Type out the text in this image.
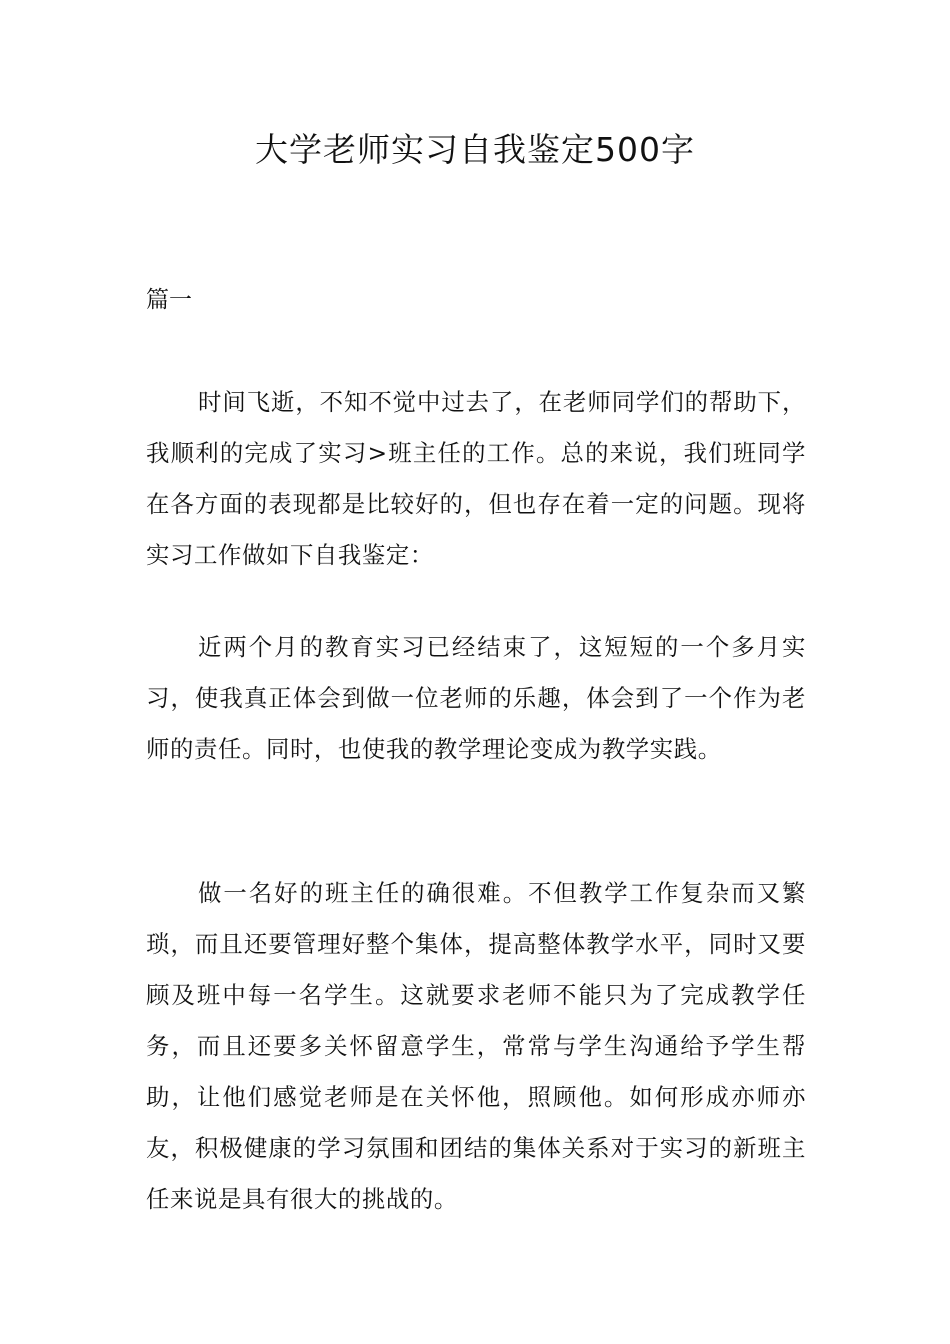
大学老师实习自我鉴定500字
篇一

时间飞逝，不知不觉中过去了，在老师同学们的帮助下，我顺利的完成了实习>班主任的工作。总的来说，我们班同学在各方面的表现都是比较好的，但也存在着一定的问题。现将实习工作做如下自我鉴定：

近两个月的教育实习已经结束了，这短短的一个多月实习，使我真正体会到做一位老师的乐趣，体会到了一个作为老师的责任。同时，也使我的教学理论变成为教学实践。

做一名好的班主任的确很难。不但教学工作复杂而又繁琐，而且还要管理好整个集体，提高整体教学水平，同时又要顾及班中每一名学生。这就要求老师不能只为了完成教学任务，而且还要多关怀留意学生，常常与学生沟通给予学生帮助，让他们感觉老师是在关怀他，照顾他。如何形成亦师亦友，积极健康的学习氛围和团结的集体关系对于实习的新班主任来说是具有很大的挑战的。
